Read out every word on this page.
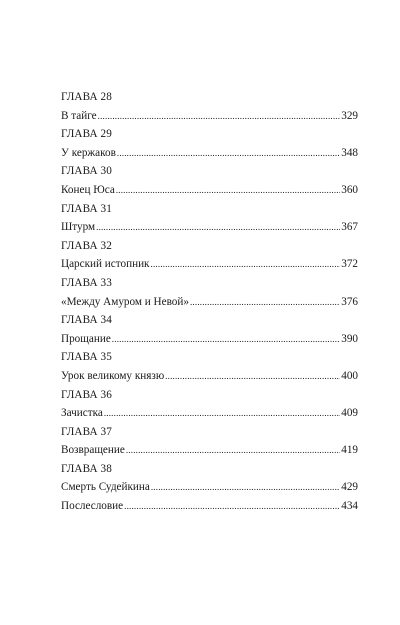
ГЛАВА 28
В тайге .....	329
ГЛАВА 29
У кержаков .....	348
ГЛАВА 30
Конец Юса .....	360
ГЛАВА 31
Штурм .....	367
ГЛАВА 32
Царский истопник .....	372
ГЛАВА 33
«Между Амуром и Невой» .....	376
ГЛАВА 34
Прощание .....	390
ГЛАВА 35
Урок великому князю .....	400
ГЛАВА 36
Зачистка .....	409
ГЛАВА 37
Возвращение .....	419
ГЛАВА 38
Смерть Судейкина .....	429
Послесловие .....	434
